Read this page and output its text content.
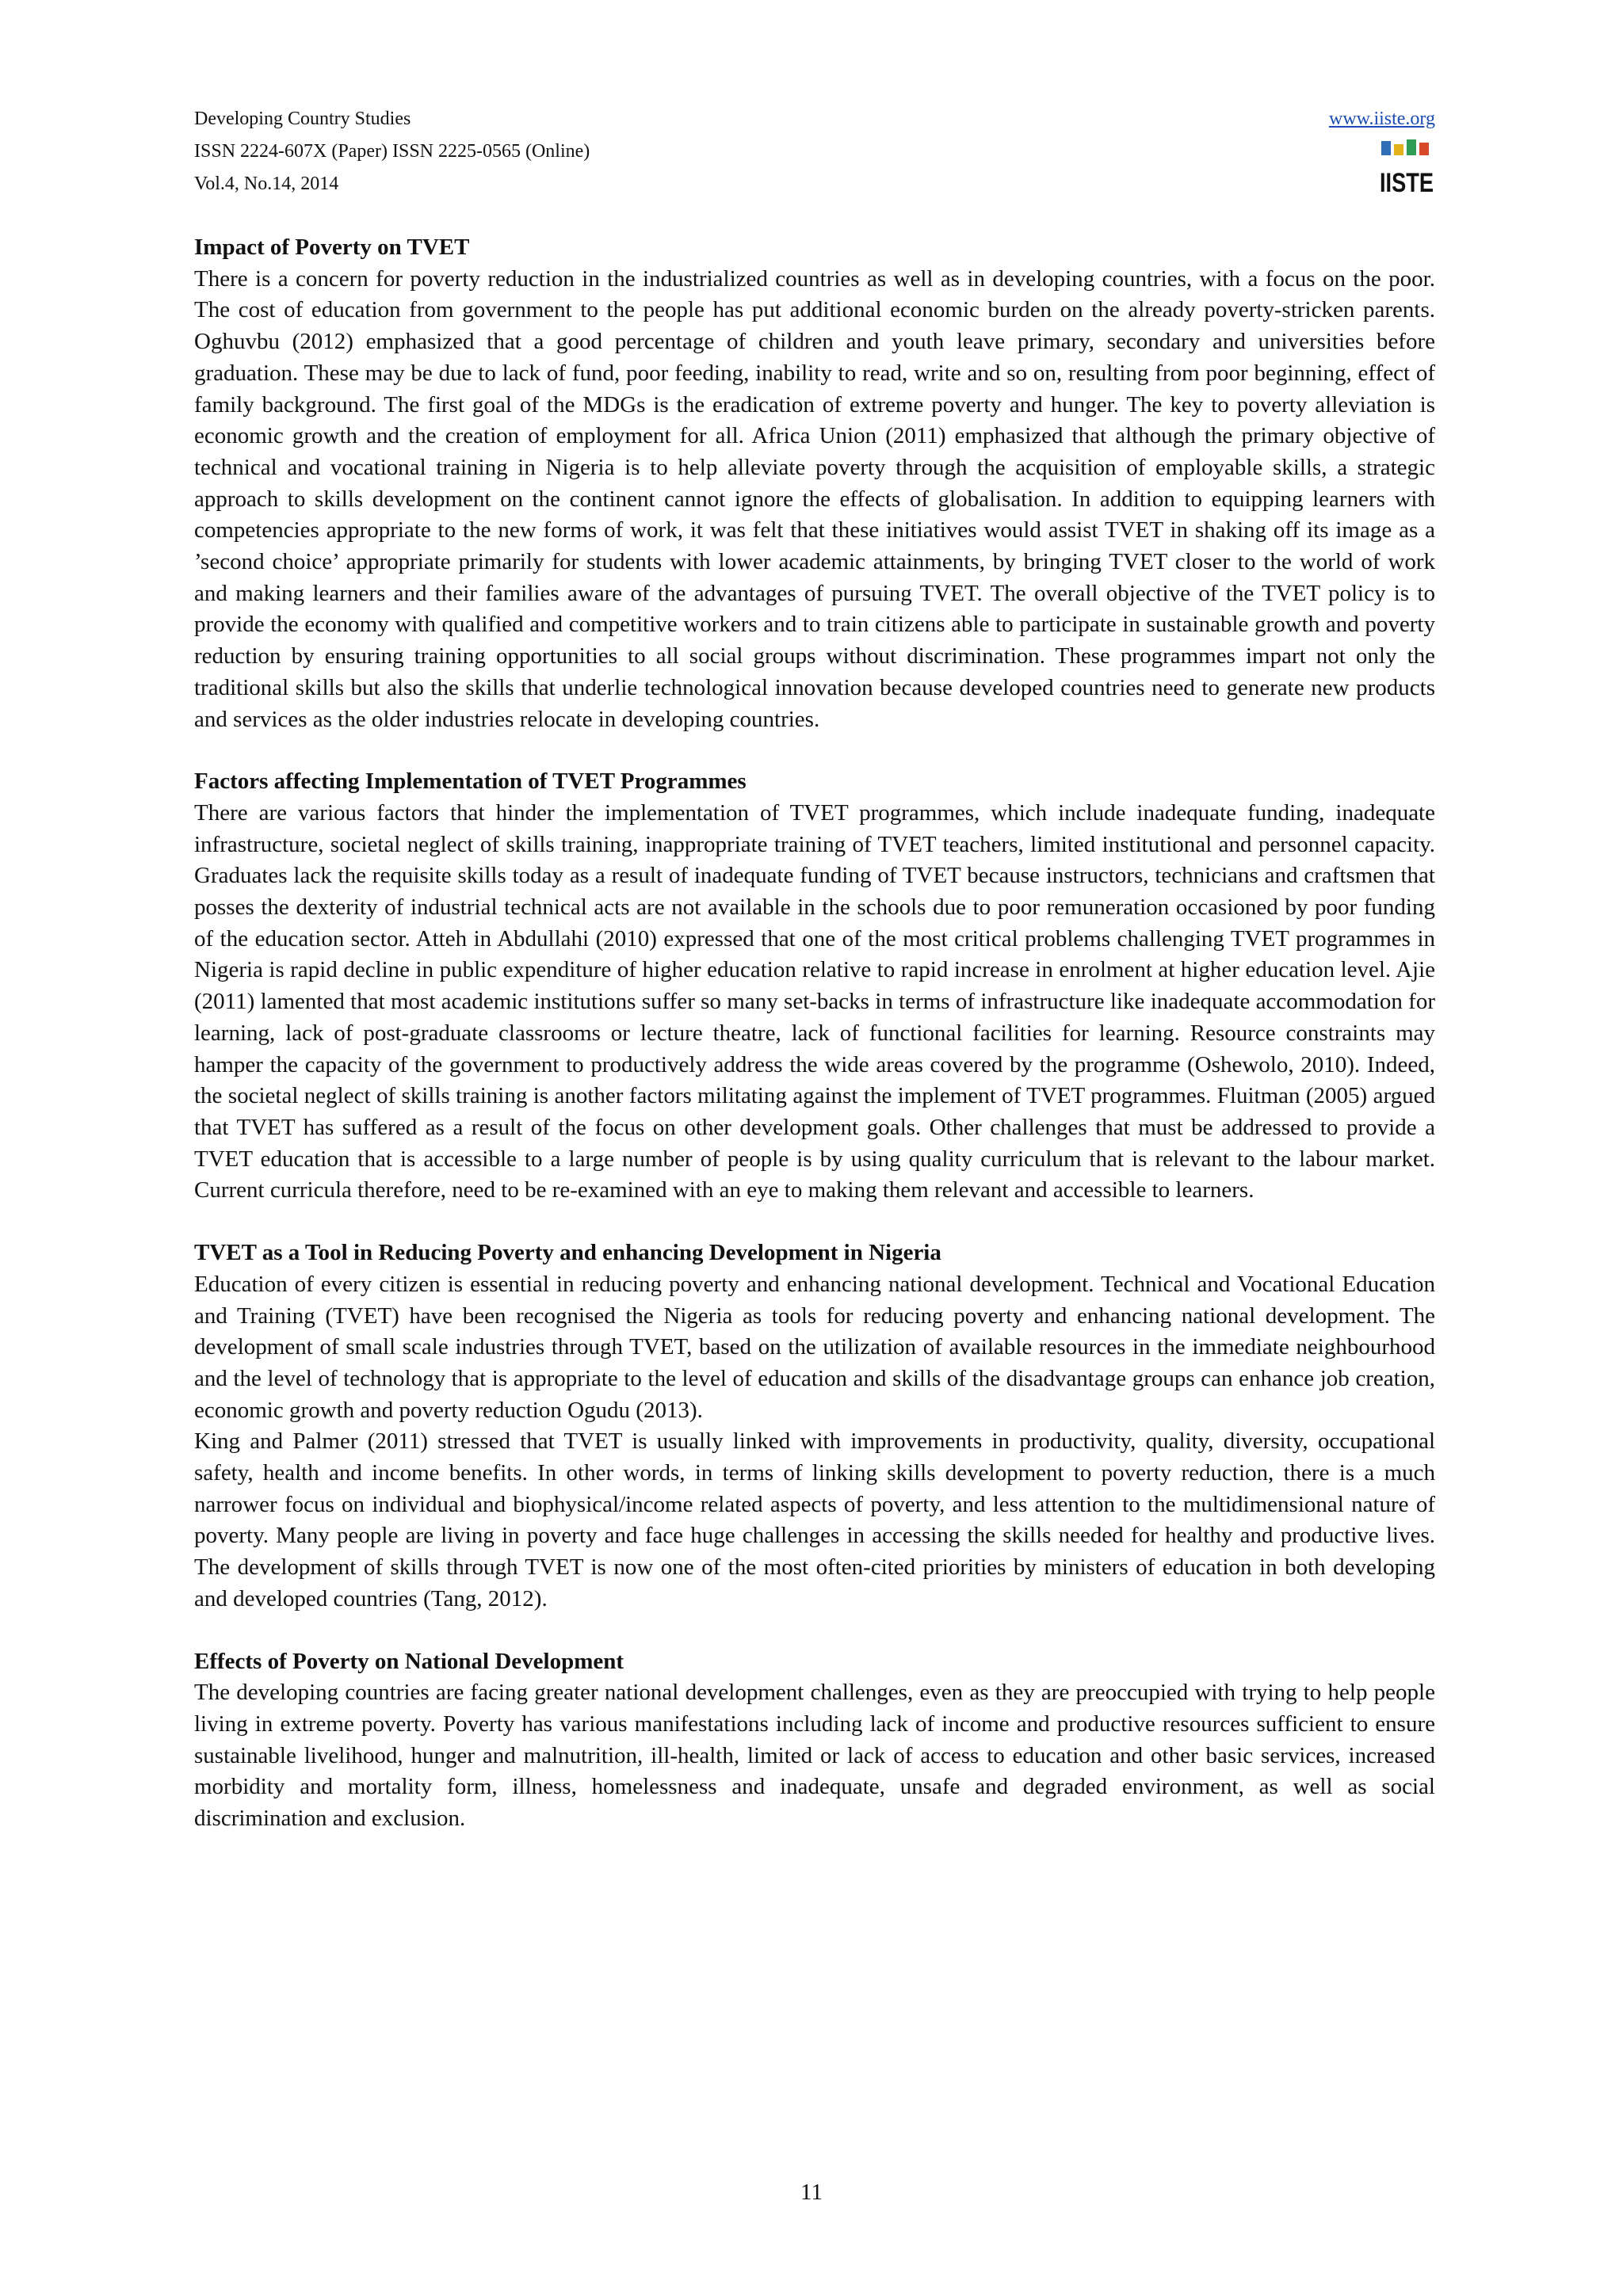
Developing Country Studies
ISSN 2224-607X (Paper) ISSN 2225-0565 (Online)
Vol.4, No.14, 2014
www.iiste.org
IISTE
Impact of Poverty on TVET

There is a concern for poverty reduction in the industrialized countries as well as in developing countries, with a focus on the poor. The cost of education from government to the people has put additional economic burden on the already poverty-stricken parents. Oghuvbu (2012) emphasized that a good percentage of children and youth leave primary, secondary and universities before graduation. These may be due to lack of fund, poor feeding, inability to read, write and so on, resulting from poor beginning, effect of family background. The first goal of the MDGs is the eradication of extreme poverty and hunger. The key to poverty alleviation is economic growth and the creation of employment for all. Africa Union (2011) emphasized that although the primary objective of technical and vocational training in Nigeria is to help alleviate poverty through the acquisition of employable skills, a strategic approach to skills development on the continent cannot ignore the effects of globalisation. In addition to equipping learners with competencies appropriate to the new forms of work, it was felt that these initiatives would assist TVET in shaking off its image as a ’second choice’ appropriate primarily for students with lower academic attainments, by bringing TVET closer to the world of work and making learners and their families aware of the advantages of pursuing TVET. The overall objective of the TVET policy is to provide the economy with qualified and competitive workers and to train citizens able to participate in sustainable growth and poverty reduction by ensuring training opportunities to all social groups without discrimination. These programmes impart not only the traditional skills but also the skills that underlie technological innovation because developed countries need to generate new products and services as the older industries relocate in developing countries.

Factors affecting Implementation of TVET Programmes

There are various factors that hinder the implementation of TVET programmes, which include inadequate funding, inadequate infrastructure, societal neglect of skills training, inappropriate training of TVET teachers, limited institutional and personnel capacity. Graduates lack the requisite skills today as a result of inadequate funding of TVET because instructors, technicians and craftsmen that posses the dexterity of industrial technical acts are not available in the schools due to poor remuneration occasioned by poor funding of the education sector. Atteh in Abdullahi (2010) expressed that one of the most critical problems challenging TVET programmes in Nigeria is rapid decline in public expenditure of higher education relative to rapid increase in enrolment at higher education level. Ajie (2011) lamented that most academic institutions suffer so many set-backs in terms of infrastructure like inadequate accommodation for learning, lack of post-graduate classrooms or lecture theatre, lack of functional facilities for learning. Resource constraints may hamper the capacity of the government to productively address the wide areas covered by the programme (Oshewolo, 2010). Indeed, the societal neglect of skills training is another factors militating against the implement of TVET programmes. Fluitman (2005) argued that TVET has suffered as a result of the focus on other development goals. Other challenges that must be addressed to provide a TVET education that is accessible to a large number of people is by using quality curriculum that is relevant to the labour market. Current curricula therefore, need to be re-examined with an eye to making them relevant and accessible to learners.

TVET as a Tool in Reducing Poverty and enhancing Development in Nigeria

Education of every citizen is essential in reducing poverty and enhancing national development. Technical and Vocational Education and Training (TVET) have been recognised the Nigeria as tools for reducing poverty and enhancing national development. The development of small scale industries through TVET, based on the utilization of available resources in the immediate neighbourhood and the level of technology that is appropriate to the level of education and skills of the disadvantage groups can enhance job creation, economic growth and poverty reduction Ogudu (2013).

King and Palmer (2011) stressed that TVET is usually linked with improvements in productivity, quality, diversity, occupational safety, health and income benefits. In other words, in terms of linking skills development to poverty reduction, there is a much narrower focus on individual and biophysical/income related aspects of poverty, and less attention to the multidimensional nature of poverty. Many people are living in poverty and face huge challenges in accessing the skills needed for healthy and productive lives. The development of skills through TVET is now one of the most often-cited priorities by ministers of education in both developing and developed countries (Tang, 2012).

Effects of Poverty on National Development

The developing countries are facing greater national development challenges, even as they are preoccupied with trying to help people living in extreme poverty. Poverty has various manifestations including lack of income and productive resources sufficient to ensure sustainable livelihood, hunger and malnutrition, ill-health, limited or lack of access to education and other basic services, increased morbidity and mortality form, illness, homelessness and inadequate, unsafe and degraded environment, as well as social discrimination and exclusion.

11
